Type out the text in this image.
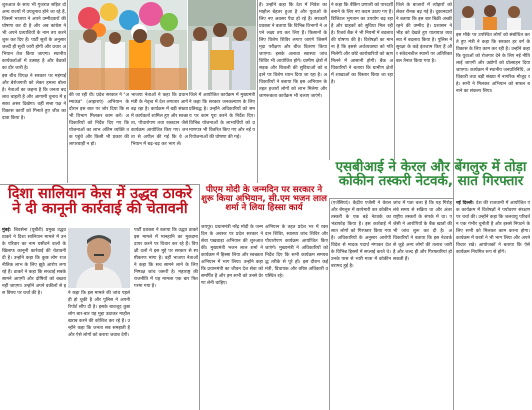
शुरुआत के साथ भी गुजरात सहित दो अन्य राज्यों में उपचुनाव होने जा रहे हैं, जिसमें भाजपा ने अपने उम्मीदवारों की घोषणा कर दी है और अब कांग्रेस ने भी अपने प्रत्याशियों के नाम तय करने शुरू कर दिए हैं। पार्टी सूत्रों के अनुसार जल्दी ही सूची जारी होगी और प्रचार अभियान तेज किया जाएगा। स्थानीय कार्यकर्ताओं में उत्साह है और बैठकों का दौर जारी है।

इस बीच विपक्ष ने सरकार पर महंगाई और बेरोजगारी को लेकर हमला बोला है। नेताओं का कहना है कि जनता बदलाव चाहती है और आगामी चुनाव में इसका असर दिखेगा। वहीं सत्ता पक्ष ने विकास कार्यों को गिनाते हुए जीत का दावा किया है।

की जा रही थी। प्रदेश सरकार ने "अम्माऊंड" (आहाराएं) अभियान के दौरान इस बात पर जोर दिया कि सभी विभाग मिलकर काम करें। अधिकारियों को निर्देश दिए गए कि योजनाओं का लाभ अंतिम व्यक्ति तक पहुंचे और किसी भी प्रकार की लापरवाही न हो।

भाजपा नेताओं ने कहा कि प्रधानमंत्री के नेतृत्व में देश लगातार आगे बढ़ रहा है। कार्यक्रम में बड़ी संख्या में कार्यकर्ता शामिल हुए और स्वच्छता, पौधारोपण तथा रक्तदान जैसे कार्यक्रम आयोजित किए गए। जनता से अपील की गई कि वे अभियान में बढ़-चढ़ कर भाग लें।

जिले में आयोजित कार्यक्रम में मुख्यमंत्री ने कहा कि सरकार जनकल्याण के लिए प्रतिबद्ध है। उन्होंने अधिकारियों को समय पर काम पूरा करने के निर्देश दिए। विभिन्न योजनाओं के लाभार्थियों को प्रमाणपत्र भी वितरित किए गए और नई परियोजनाओं की घोषणा की गई।

हैं। उन्होंने कहा कि देश में निवेश का माहौल बेहतर हुआ है और युवाओं के लिए नए अवसर पैदा हो रहे हैं। सरकारी प्रवक्ता ने बताया कि विभिन्न विभागों ने अपने लक्ष्य तय कर लिए हैं। किसानों के लिए विशेष शिविर लगाए जाएंगे जिसमें मृदा परीक्षण और बीज वितरण किया जाएगा। इसके अलावा स्वास्थ्य जांच शिविर भी आयोजित होंगे। ग्रामीण क्षेत्रों में सड़क और बिजली की सुविधाओं को बढ़ाने पर विशेष ध्यान दिया जा रहा है। अधिकारियों ने बताया कि इस अभियान के तहत हजारों लोगों को लाभ मिलेगा और जागरूकता कार्यक्रम भी चलाए जाएंगे।

ने कहा कि बैंकिंग प्रणाली को पारदर्शी बनाने के लिए नए कदम उठाए गए हैं। डिजिटल भुगतान का उपयोग बढ़ रहा है और ग्राहकों को सुविधा मिल रही है। रिजर्व बैंक ने भी नियमों में बदलाव की घोषणा की है। विशेषज्ञों का मानना है कि इससे अर्थव्यवस्था को गति मिलेगी और छोटे कारोबारियों को ऋण मिलने में आसानी होगी। बैंक अधिकारियों ने बताया कि ग्रामीण क्षेत्रों में शाखाओं का विस्तार किया जा रहा है।

जिले के बाजारों में त्योहारों को लेकर रौनक बढ़ गई है। दुकानदारों ने बताया कि इस बार बिक्री अच्छी रहने की उम्मीद है। प्रशासन ने भीड़ को देखते हुए यातायात व्यवस्था में बदलाव किया है। पुलिस ने सुरक्षा के कड़े इंतजाम किए हैं और संवेदनशील स्थानों पर अतिरिक्त बल तैनात किया गया है।

इस मौके पर उपस्थित लोगों को संबोधित करते हुए मंत्री ने कहा कि सरकार हर वर्ग के विकास के लिए काम कर रही है। उन्होंने कहा कि युवाओं को रोजगार देने के लिए नई नीति लाई जाएगी और उद्योगों को प्रोत्साहन दिया जाएगा। कार्यक्रम में स्थानीय जनप्रतिनिधि, अधिकारी तथा बड़ी संख्या में नागरिक मौजूद रहे। सभी ने मिलकर अभियान को सफल बनाने का संकल्प लिया।

एसबीआई ने केरल और बेंगलुरु में तोड़ा कोकीन तस्करी नेटवर्क, सात गिरफ्तार
दिशा सालियान केस में उद्धव ठाकरे ने दी कानूनी कार्रवाई की चेतावनी
पीएम मोदी के जन्मदिन पर सरकार ने शुरू किया अभियान, सी.एम भजन लाल शर्मा ने लिया हिस्सा कार्य

मुंबई। शिवसेना (यूबीटी) प्रमुख उद्धव ठाकरे ने दिशा सालियान मामले में उनके परिवार का नाम घसीटने वालों के खिलाफ कानूनी कार्रवाई की चेतावनी दी है। उन्होंने कहा कि कुछ लोग राजनीतिक लाभ के लिए झूठे आरोप लगा रहे हैं। ठाकरे ने कहा कि सच्चाई सबके सामने आएगी और दोषियों को बख्शा नहीं जाएगा। उन्होंने अपने वकीलों से इस विषय पर चर्चा की है।	ने कहा कि इस मामले की जांच पहले ही हो चुकी है और पुलिस ने अपनी रिपोर्ट सौंप दी है। इसके बावजूद कुछ लोग बार-बार यह मुद्दा उठाकर माहौल खराब करने की कोशिश कर रहे हैं। उन्होंने कहा कि जनता सब समझती है और ऐसे लोगों को करारा जवाब देगी।

पार्टी प्रवक्ता ने बताया कि उद्धव ठाकरे इस मामले में मानहानि का मुकदमा दायर करने पर विचार कर रहे हैं। विपक्षी दलों ने इस मुद्दे पर सरकार से स्पष्टीकरण मांगा है। वहीं भाजपा नेताओं ने कहा कि सच सामने लाने के लिए निष्पक्ष जांच जरूरी है। महाराष्ट्र की राजनीति में यह मामला एक बार फिर गरमा गया है।

जयपुर। प्रधानमंत्री नरेंद्र मोदी के जन्मदिन के अवसर पर प्रदेश सरकार ने सेवा पखवाड़ा अभियान की शुरुआत की। मुख्यमंत्री भजन लाल शर्मा ने कार्यक्रम में हिस्सा लिया और स्वच्छता अभियान में भाग लिया। उन्होंने कहा कि प्रधानमंत्री का जीवन देश सेवा को समर्पित है और हम सभी को उनसे प्रेरणा लेनी चाहिए।

अभियान के तहत प्रदेश भर में रक्तदान शिविर, स्वास्थ्य जांच शिविर और पौधारोपण कार्यक्रम आयोजित किए जाएंगे। मुख्यमंत्री ने अधिकारियों को निर्देश दिए कि सभी कार्यक्रम समयबद्ध तरीके से पूरे हों। इस दौरान कई मंत्री, विधायक और वरिष्ठ अधिकारी उपस्थित रहे।

(एजेंसियां)। केंद्रीय एजेंसी ने केरल और बेंगलुरु में छापेमारी कर कोकीन तस्करी के एक बड़े नेटवर्क का भंडाफोड़ किया है। इस कार्रवाई में सात लोगों को गिरफ्तार किया गया है। अधिकारियों के अनुसार आरोपी विदेश से मादक पदार्थ मंगाकर देश के विभिन्न हिस्सों में सप्लाई करते थे। उनके पास से भारी मात्रा में कोकीन बरामद हुई है।

जांच में पता चला है कि यह गिरोह लंबे समय से सक्रिय था और अंतरराष्ट्रीय तस्करों के संपर्क में था। एजेंसी ने आरोपियों के बैंक खातों की भी जांच शुरू कर दी है। अधिकारियों ने बताया कि इस नेटवर्क से जुड़े अन्य लोगों की तलाश जारी है और जल्द ही और गिरफ्तारियां हो सकती हैं।

नई दिल्ली। देश की राजधानी में आयोजित एक कार्यक्रम में विशेषज्ञों ने पर्यावरण संरक्षण पर चर्चा की। उन्होंने कहा कि जलवायु परिवर्तन एक गंभीर चुनौती है और इससे निपटने के लिए सभी को मिलकर काम करना होगा। कार्यक्रम में छात्रों ने भी भाग लिया और अपने विचार रखे। आयोजकों ने बताया कि ऐसे कार्यक्रम नियमित रूप से होंगे।
